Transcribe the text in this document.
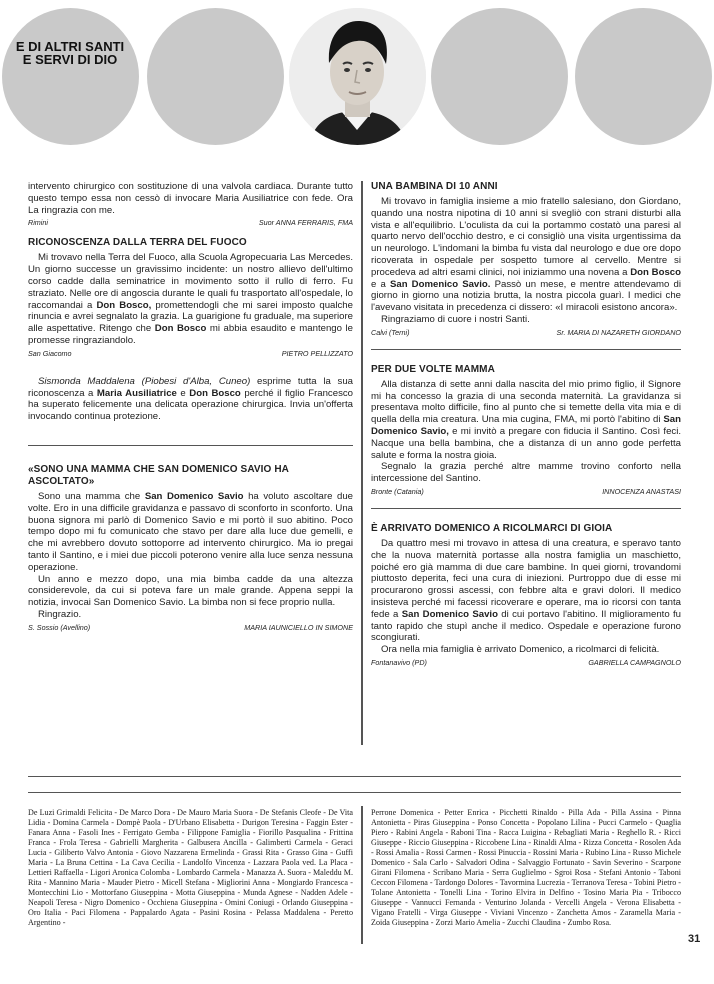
E DI ALTRI SANTI E SERVI DI DIO

intervento chirurgico con sostituzione di una valvola cardiaca. Durante tutto questo tempo essa non cessò di invocare Maria Ausiliatrice con fede. Ora La ringrazia con me.

Rimini	Suor ANNA FERRARIS, FMA
RICONOSCENZA DALLA TERRA DEL FUOCO

Mi trovavo nella Terra del Fuoco, alla Scuola Agropecuaria Las Mercedes. Un giorno successe un gravissimo incidente: un nostro allievo dell'ultimo corso cadde dalla seminatrice in movimento sotto il rullo di ferro. Fu straziato. Nelle ore di angoscia durante le quali fu trasportato all'ospedale, lo raccomandai a Don Bosco, promettendogli che mi sarei imposto qualche rinuncia e avrei segnalato la grazia. La guarigione fu graduale, ma superiore alle aspettative. Ritengo che Don Bosco mi abbia esaudito e mantengo le promesse ringraziandolo.

San Giacomo	PIETRO PELLIZZATO

Sismonda Maddalena (Piobesi d'Alba, Cuneo) esprime tutta la sua riconoscenza a Maria Ausiliatrice e Don Bosco perché il figlio Francesco ha superato felicemente una delicata operazione chirurgica. Invia un'offerta invocando continua protezione.

«SONO UNA MAMMA CHE SAN DOMENICO SAVIO HA ASCOLTATO»

Sono una mamma che San Domenico Savio ha voluto ascoltare due volte. Ero in una difficile gravidanza e passavo di sconforto in sconforto. Una buona signora mi parlò di Domenico Savio e mi portò il suo abitino. Poco tempo dopo mi fu comunicato che stavo per dare alla luce due gemelli, e che mi avrebbero dovuto sottoporre ad intervento chirurgico. Ma io pregai tanto il Santino, e i miei due piccoli poterono venire alla luce senza nessuna operazione.

Un anno e mezzo dopo, una mia bimba cadde da una altezza considerevole, da cui si poteva fare un male grande. Appena seppi la notizia, invocai San Domenico Savio. La bimba non si fece proprio nulla.

Ringrazio.

S. Sossio (Avellino)	MARIA IAUNICIELLO IN SIMONE
UNA BAMBINA DI 10 ANNI

Mi trovavo in famiglia insieme a mio fratello salesiano, don Giordano, quando una nostra nipotina di 10 anni si svegliò con strani disturbi alla vista e all'equilibrio. L'oculista da cui la portammo costatò una paresi al quarto nervo dell'occhio destro, e ci consigliò una visita urgentissima da un neurologo. L'indomani la bimba fu vista dal neurologo e due ore dopo ricoverata in ospedale per sospetto tumore al cervello. Mentre si procedeva ad altri esami clinici, noi iniziammo una novena a Don Bosco e a San Domenico Savio. Passò un mese, e mentre attendevamo di giorno in giorno una notizia brutta, la nostra piccola guarì. I medici che l'avevano visitata in precedenza ci dissero: «I miracoli esistono ancora».

Ringraziamo di cuore i nostri Santi.

Calvi (Terni)	Sr. MARIA DI NAZARETH GIORDANO
PER DUE VOLTE MAMMA

Alla distanza di sette anni dalla nascita del mio primo figlio, il Signore mi ha concesso la grazia di una seconda maternità. La gravidanza si presentava molto difficile, fino al punto che si temette della vita mia e di quella della mia creatura. Una mia cugina, FMA, mi portò l'abitino di San Domenico Savio, e mi invitò a pregare con fiducia il Santino. Così feci. Nacque una bella bambina, che a distanza di un anno gode perfetta salute e forma la nostra gioia.

Segnalo la grazia perché altre mamme trovino conforto nella intercessione del Santino.

Bronte (Catania)	INNOCENZA ANASTASI
È ARRIVATO DOMENICO A RICOLMARCI DI GIOIA

Da quattro mesi mi trovavo in attesa di una creatura, e speravo tanto che la nuova maternità portasse alla nostra famiglia un maschietto, poiché ero già mamma di due care bambine. In quei giorni, trovandomi piuttosto deperita, feci una cura di iniezioni. Purtroppo due di esse mi procurarono grossi ascessi, con febbre alta e gravi dolori. Il medico insisteva perché mi facessi ricoverare e operare, ma io ricorsi con tanta fede a San Domenico Savio di cui portavo l'abitino. Il miglioramento fu tanto rapido che stupì anche il medico. Ospedale e operazione furono scongiurati.

Ora nella mia famiglia è arrivato Domenico, a ricolmarci di felicità.

Fontanavivo (PD)	GABRIELLA CAMPAGNOLO

De Luzi Grimaldi Felicita - De Marco Dora - De Mauro Maria Suora - De Stefanis Cleofe - De Vita Lidia - Domina Carmela - Dompè Paola - D'Urbano Elisabetta - Durigon Teresina - Faggin Ester - Fanara Anna - Fasoli Ines - Ferrigato Gemba - Filippone Famiglia - Fiorillo Pasqualina - Frittina Franca - Frola Teresa - Gabrielli Margherita - Galbusera Ancilla - Galimberti Carmela - Geraci Lucia - Giliberto Valvo Antonia - Giovo Nazzarena Ermelinda - Grassi Rita - Grasso Gina - Guffi Maria - La Bruna Cettina - La Cava Cecilia - Landolfo Vincenza - Lazzara Paola ved. La Placa - Lettieri Raffaella - Ligori Aronica Colomba - Lombardo Carmela - Manazza A. Suora - Maleddu M. Rita - Mannino Maria - Mauder Pietro - Micell Stefana - Migliorini Anna - Mongiardo Francesca - Montecchini Lio - Mottorfano Giuseppina - Motta Giuseppina - Munda Agnese - Nadden Adele - Neapoli Teresa - Nigro Domenico - Occhiena Giuseppina - Omini Coniugi - Orlando Giuseppina - Oro Italia - Paci Filomena - Pappalardo Agata - Pasini Rosina - Pelassa Maddalena - Peretto Argentino -

Perrone Domenica - Petter Enrica - Picchetti Rinaldo - Pilla Ada - Pilla Assina - Pinna Antonietta - Piras Giuseppina - Ponso Concetta - Popolano Lilina - Pucci Carmelo - Quaglia Piero - Rabini Angela - Raboni Tina - Racca Luigina - Rebagliati Maria - Reghello R. - Ricci Giuseppe - Riccio Giuseppina - Riccobene Lina - Rinaldi Alma - Rizza Concetta - Rosolen Ada - Rossi Amalia - Rossi Carmen - Rossi Pinuccia - Rossini Maria - Rubino Lina - Russo Michele Domenico - Sala Carlo - Salvadori Odina - Salvaggio Fortunato - Savin Severino - Scarpone Girani Filomena - Scribano Maria - Serra Guglielmo - Sgroi Rosa - Stefani Antonio - Taboni Ceccon Filomena - Tardongo Dolores - Tavormina Lucrezia - Terranova Teresa - Tobini Pietro - Tolane Antonietta - Tonelli Lina - Torino Elvira in Delfino - Tosino Maria Pia - Tribocco Giuseppe - Vannucci Fernanda - Venturino Jolanda - Vercelli Angela - Verona Elisabetta - Vigano Fratelli - Virga Giuseppe - Viviani Vincenzo - Zanchetta Amos - Zaramella Maria - Zoida Giuseppina - Zorzi Mario Amelia - Zucchi Claudina - Zumbo Rosa.

31
